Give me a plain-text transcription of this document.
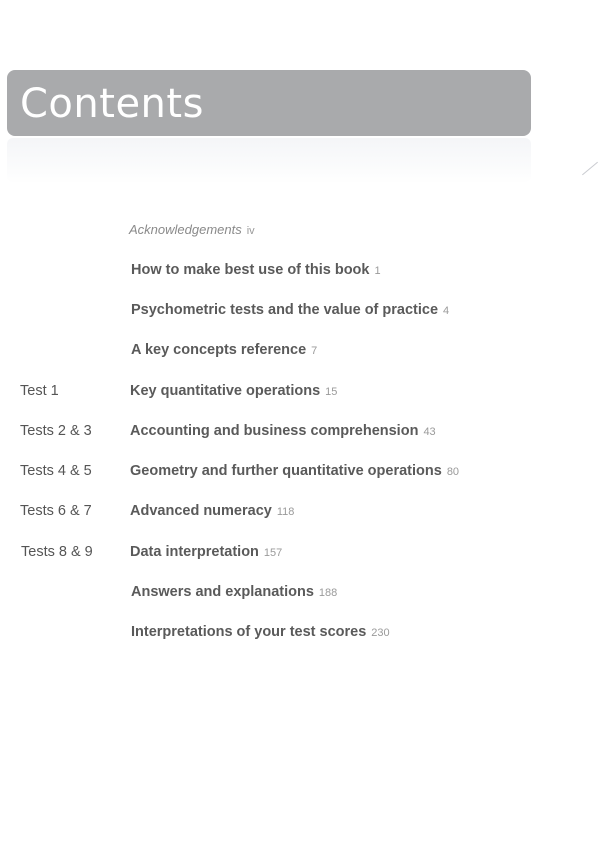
Contents
Acknowledgements iv
How to make best use of this book 1
Psychometric tests and the value of practice 4
A key concepts reference 7
Test 1	Key quantitative operations 15
Tests 2 & 3	Accounting and business comprehension 43
Tests 4 & 5	Geometry and further quantitative operations 80
Tests 6 & 7	Advanced numeracy 118
Tests 8 & 9	Data interpretation 157
Answers and explanations 188
Interpretations of your test scores 230
